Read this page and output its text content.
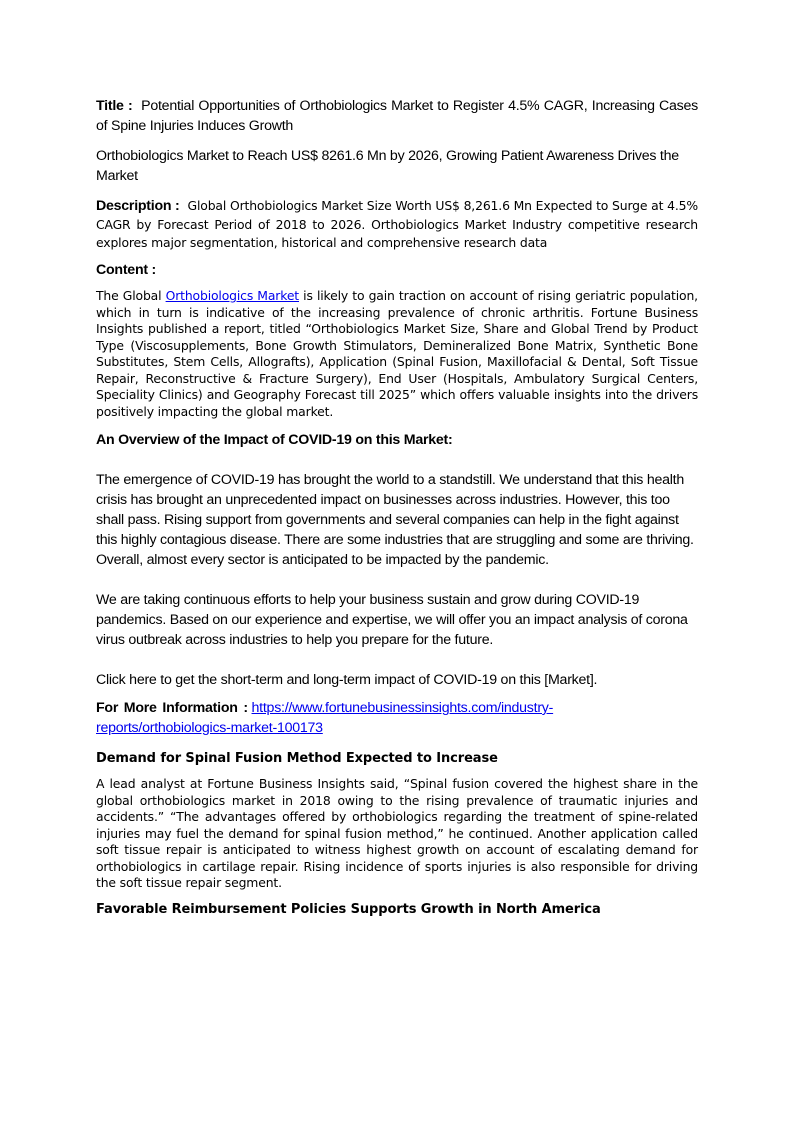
Title : Potential Opportunities of Orthobiologics Market to Register 4.5% CAGR, Increasing Cases of Spine Injuries Induces Growth

Orthobiologics Market to Reach US$ 8261.6 Mn by 2026, Growing Patient Awareness Drives the Market

Description : Global Orthobiologics Market Size Worth US$ 8,261.6 Mn Expected to Surge at 4.5% CAGR by Forecast Period of 2018 to 2026. Orthobiologics Market Industry competitive research explores major segmentation, historical and comprehensive research data

Content :

The Global Orthobiologics Market is likely to gain traction on account of rising geriatric population, which in turn is indicative of the increasing prevalence of chronic arthritis. Fortune Business Insights published a report, titled “Orthobiologics Market Size, Share and Global Trend by Product Type (Viscosupplements, Bone Growth Stimulators, Demineralized Bone Matrix, Synthetic Bone Substitutes, Stem Cells, Allografts), Application (Spinal Fusion, Maxillofacial & Dental, Soft Tissue Repair, Reconstructive & Fracture Surgery), End User (Hospitals, Ambulatory Surgical Centers, Speciality Clinics) and Geography Forecast till 2025” which offers valuable insights into the drivers positively impacting the global market.

An Overview of the Impact of COVID-19 on this Market:

The emergence of COVID-19 has brought the world to a standstill. We understand that this health crisis has brought an unprecedented impact on businesses across industries. However, this too shall pass. Rising support from governments and several companies can help in the fight against this highly contagious disease. There are some industries that are struggling and some are thriving. Overall, almost every sector is anticipated to be impacted by the pandemic.

We are taking continuous efforts to help your business sustain and grow during COVID-19 pandemics. Based on our experience and expertise, we will offer you an impact analysis of corona virus outbreak across industries to help you prepare for the future.

Click here to get the short-term and long-term impact of COVID-19 on this [Market].

For More Information : https://www.fortunebusinessinsights.com/industry-
reports/orthobiologics-market-100173

Demand for Spinal Fusion Method Expected to Increase

A lead analyst at Fortune Business Insights said, “Spinal fusion covered the highest share in the global orthobiologics market in 2018 owing to the rising prevalence of traumatic injuries and accidents.” “The advantages offered by orthobiologics regarding the treatment of spine-related injuries may fuel the demand for spinal fusion method,” he continued. Another application called soft tissue repair is anticipated to witness highest growth on account of escalating demand for orthobiologics in cartilage repair. Rising incidence of sports injuries is also responsible for driving the soft tissue repair segment.

Favorable Reimbursement Policies Supports Growth in North America
